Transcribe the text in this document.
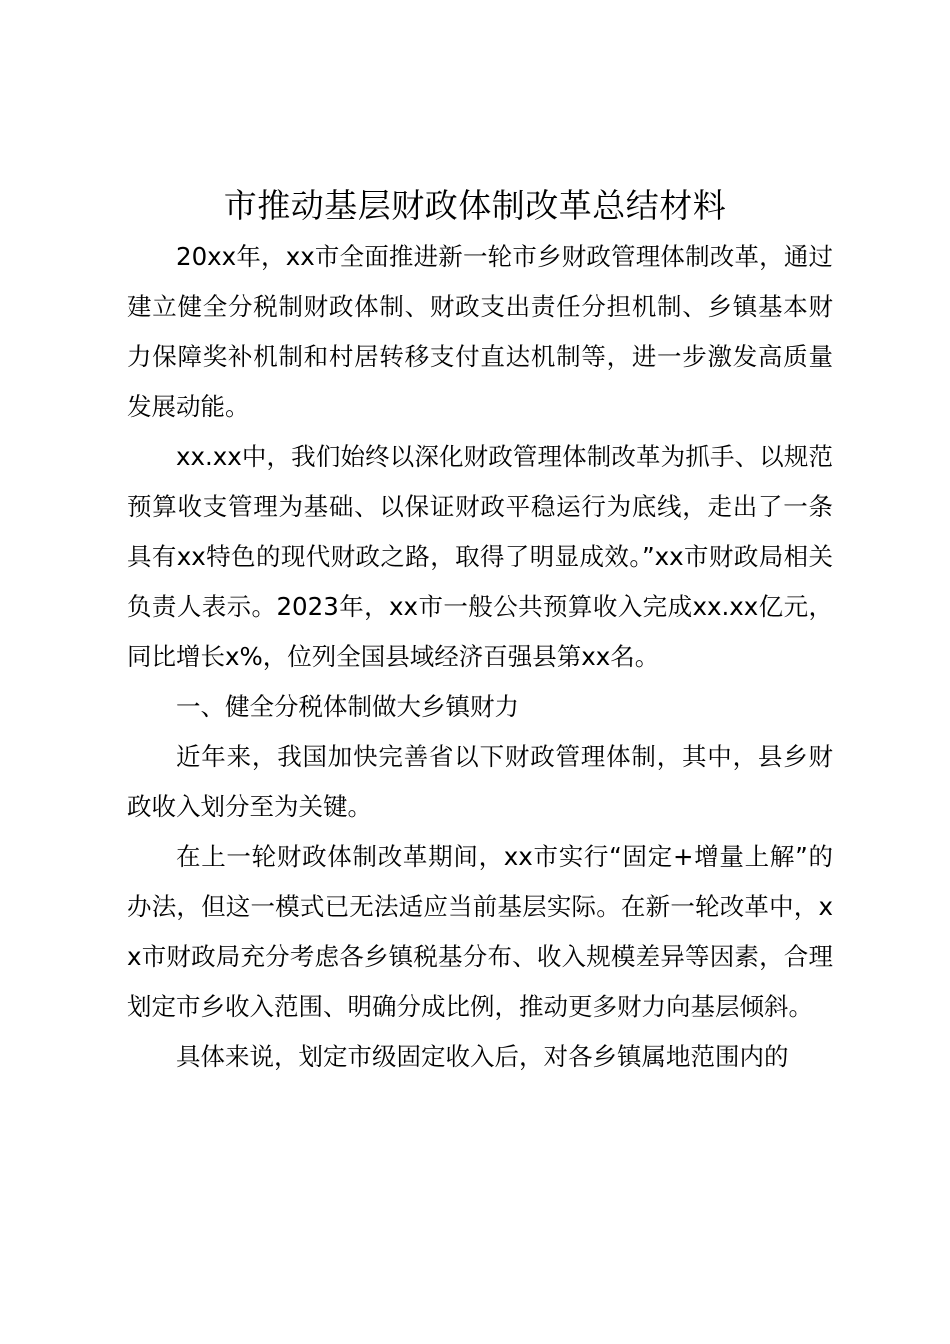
市推动基层财政体制改革总结材料

20xx年，xx市全面推进新一轮市乡财政管理体制改革，通过建立健全分税制财政体制、财政支出责任分担机制、乡镇基本财力保障奖补机制和村居转移支付直达机制等，进一步激发高质量发展动能。

xx.xx中，我们始终以深化财政管理体制改革为抓手、以规范预算收支管理为基础、以保证财政平稳运行为底线，走出了一条具有xx特色的现代财政之路，取得了明显成效。”xx市财政局相关负责人表示。2023年，xx市一般公共预算收入完成xx.xx亿元，同比增长x%，位列全国县域经济百强县第xx名。

一、健全分税体制做大乡镇财力

近年来，我国加快完善省以下财政管理体制，其中，县乡财政收入划分至为关键。

在上一轮财政体制改革期间，xx市实行“固定+增量上解”的办法，但这一模式已无法适应当前基层实际。在新一轮改革中，xx市财政局充分考虑各乡镇税基分布、收入规模差异等因素，合理划定市乡收入范围、明确分成比例，推动更多财力向基层倾斜。

具体来说，划定市级固定收入后，对各乡镇属地范围内的
